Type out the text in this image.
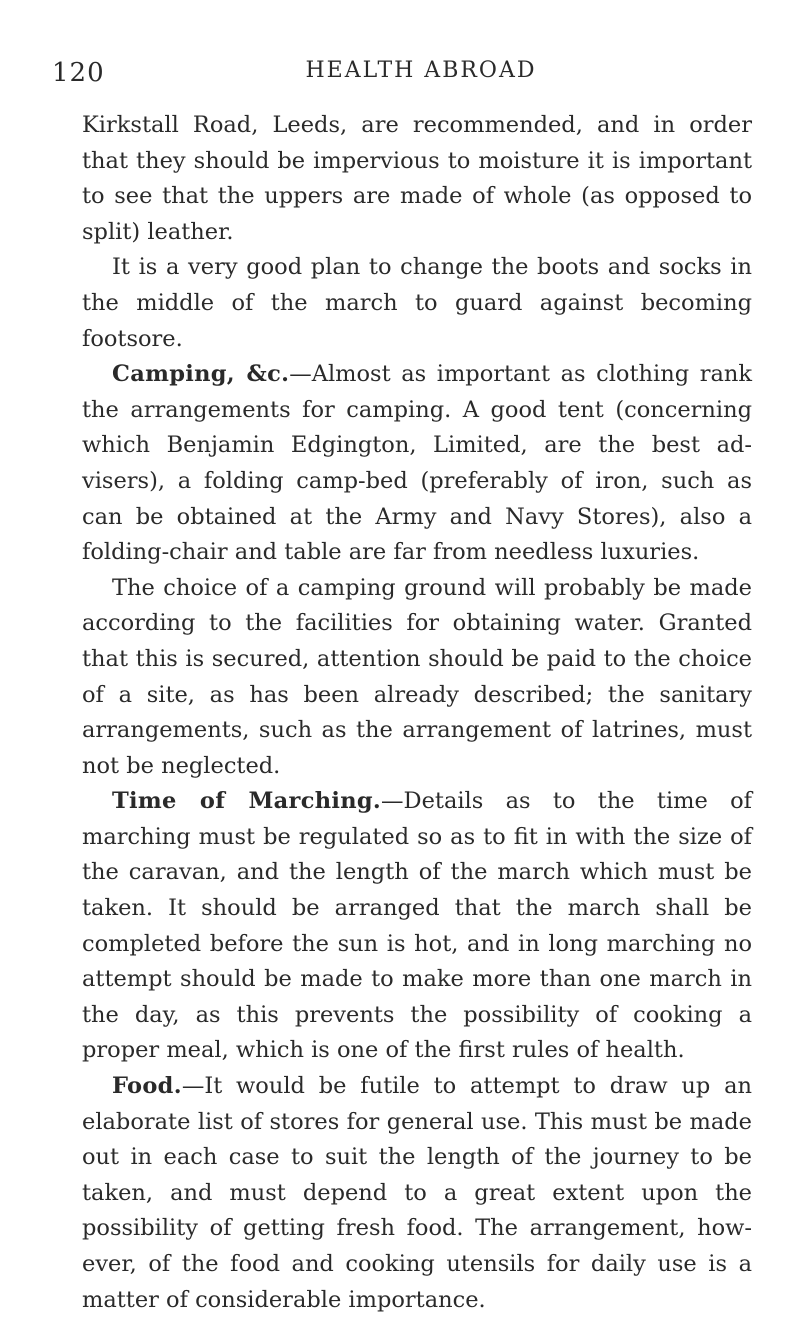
120	HEALTH ABROAD

Kirkstall Road, Leeds, are recommended, and in order that they should be impervious to moisture it is important to see that the uppers are made of whole (as opposed to split) leather.

It is a very good plan to change the boots and socks in the middle of the march to guard against becoming footsore.

Camping, &c.—Almost as important as clothing rank the arrangements for camping. A good tent (concerning which Benjamin Edgington, Limited, are the best advisers), a folding camp-bed (preferably of iron, such as can be obtained at the Army and Navy Stores), also a folding-chair and table are far from needless luxuries.

The choice of a camping ground will probably be made according to the facilities for obtaining water. Granted that this is secured, attention should be paid to the choice of a site, as has been already described; the sanitary arrangements, such as the arrangement of latrines, must not be neglected.

Time of Marching.—Details as to the time of marching must be regulated so as to fit in with the size of the caravan, and the length of the march which must be taken. It should be arranged that the march shall be completed before the sun is hot, and in long marching no attempt should be made to make more than one march in the day, as this prevents the possibility of cooking a proper meal, which is one of the first rules of health.

Food.—It would be futile to attempt to draw up an elaborate list of stores for general use. This must be made out in each case to suit the length of the journey to be taken, and must depend to a great extent upon the possibility of getting fresh food. The arrangement, however, of the food and cooking utensils for daily use is a matter of considerable importance.
